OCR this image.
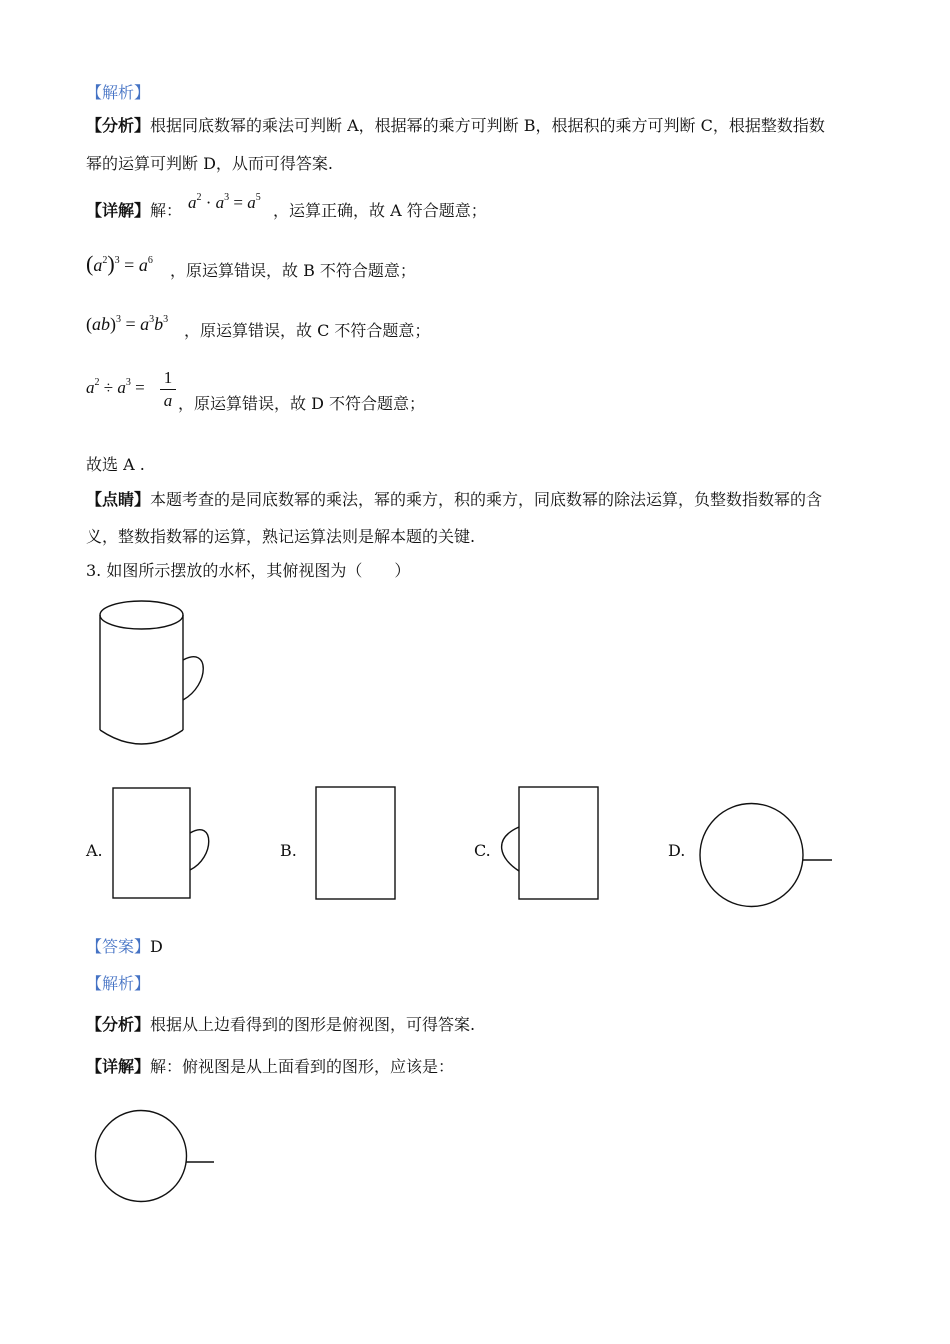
【解析】
【分析】根据同底数幂的乘法可判断 A，根据幂的乘方可判断 B，根据积的乘方可判断 C，根据整数指数
幂的运算可判断 D，从而可得答案.
【详解】解： $a^2 \cdot a^3 = a^5$
，运算正确，故 A 符合题意；
$(a^2)^3 = a^6$
，原运算错误，故 B 不符合题意；
$(ab)^3 = a^3b^3$
，原运算错误，故 C 不符合题意；
$a^2 \div a^3$ =
1
a ，原运算错误，故 D 不符合题意；
故选 A .
【点睛】本题考查的是同底数幂的乘法，幂的乘方，积的乘方，同底数幂的除法运算，负整数指数幂的含
义，整数指数幂的运算，熟记运算法则是解本题的关键.
3. 如图所示摆放的水杯，其俯视图为（　　）
A.	B.	C.	D.
【答案】D
【解析】
【分析】根据从上边看得到的图形是俯视图，可得答案.
【详解】解：俯视图是从上面看到的图形，应该是：
